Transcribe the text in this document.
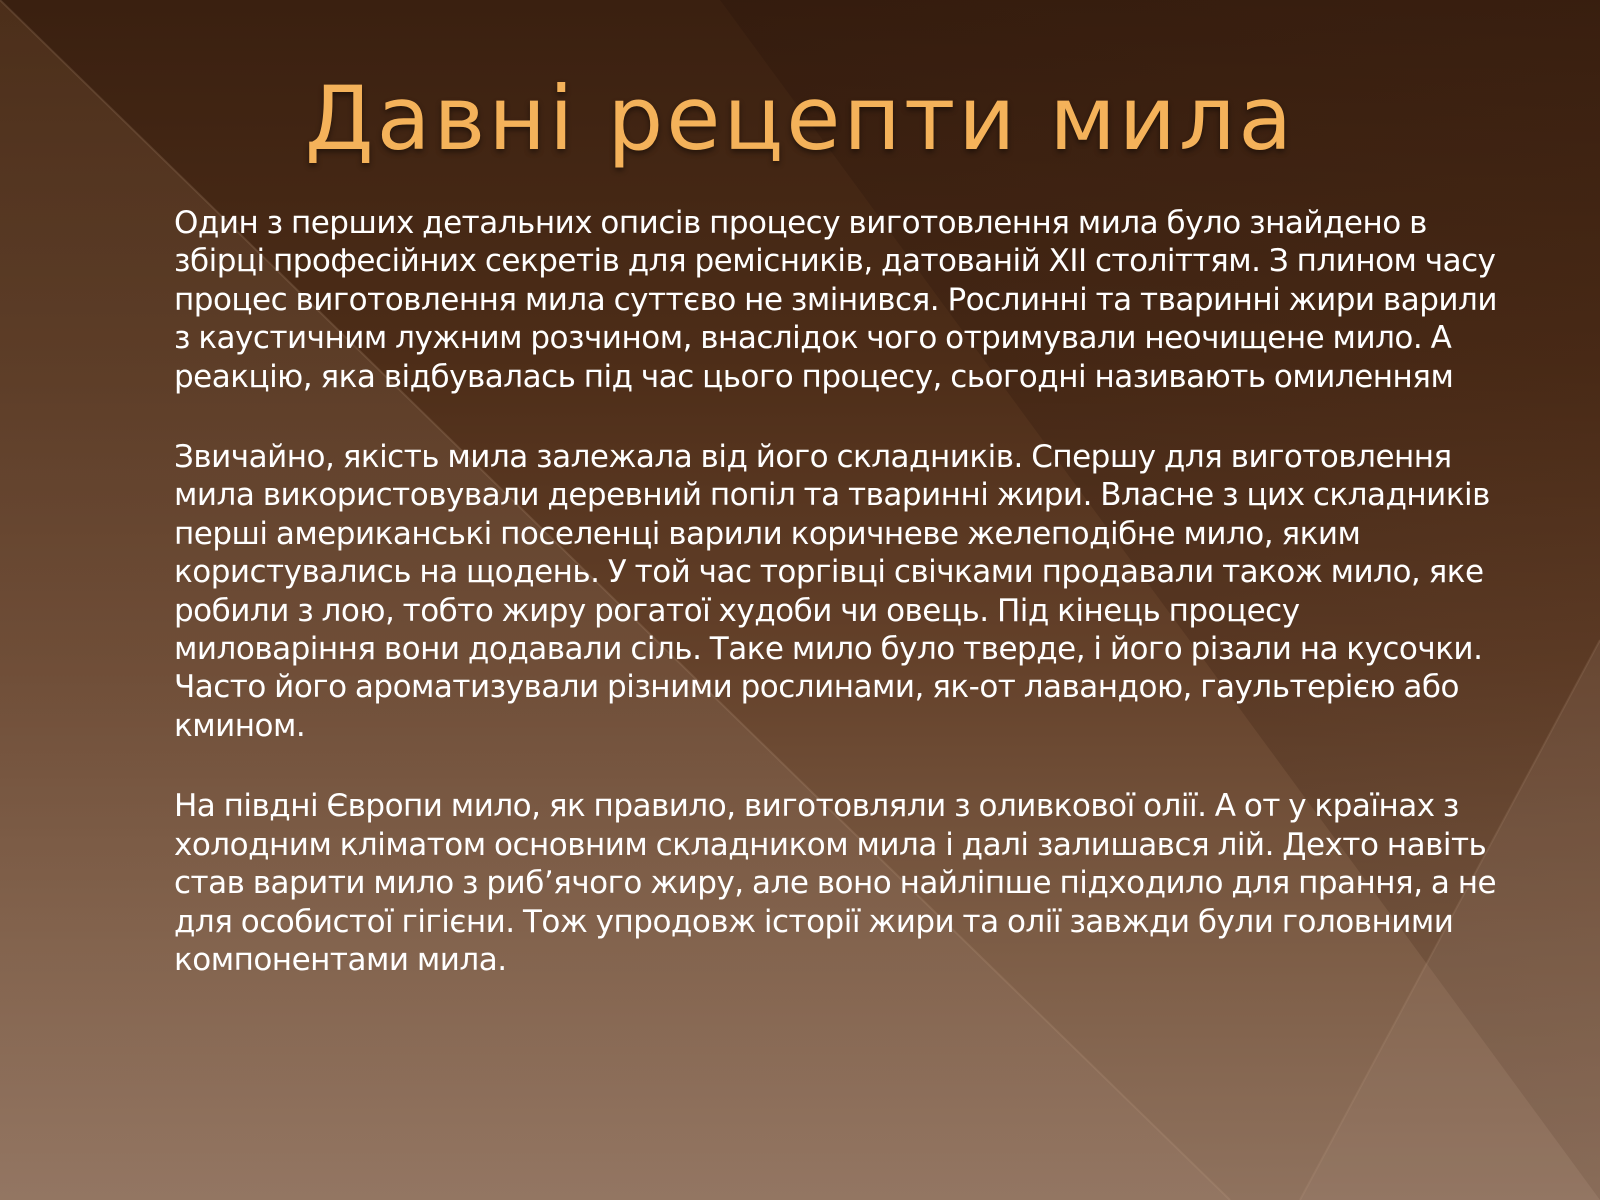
Давні рецепти мила

Один з перших детальних описів процесу виготовлення мила було знайдено в збірці професійних секретів для ремісників, датованій XII століттям. З плином часу процес виготовлення мила суттєво не змінився. Рослинні та тваринні жири варили з каустичним лужним розчином, внаслідок чого отримували неочищене мило. А реакцію, яка відбувалась під час цього процесу, сьогодні називають омиленням

Звичайно, якість мила залежала від його складників. Спершу для виготовлення мила використовували деревний попіл та тваринні жири. Власне з цих складників перші американські поселенці варили коричневе желеподібне мило, яким користувались на щодень. У той час торгівці свічками продавали також мило, яке робили з лою, тобто жиру рогатої худоби чи овець. Під кінець процесу миловаріння вони додавали сіль. Таке мило було тверде, і його різали на кусочки. Часто його ароматизували різними рослинами, як-от лавандою, гаультерією або кмином.

На півдні Європи мило, як правило, виготовляли з оливкової олії. А от у країнах з холодним кліматом основним складником мила і далі залишався лій. Дехто навіть став варити мило з риб’ячого жиру, але воно найліпше підходило для прання, а не для особистої гігієни. Тож упродовж історії жири та олії завжди були головними компонентами мила.
